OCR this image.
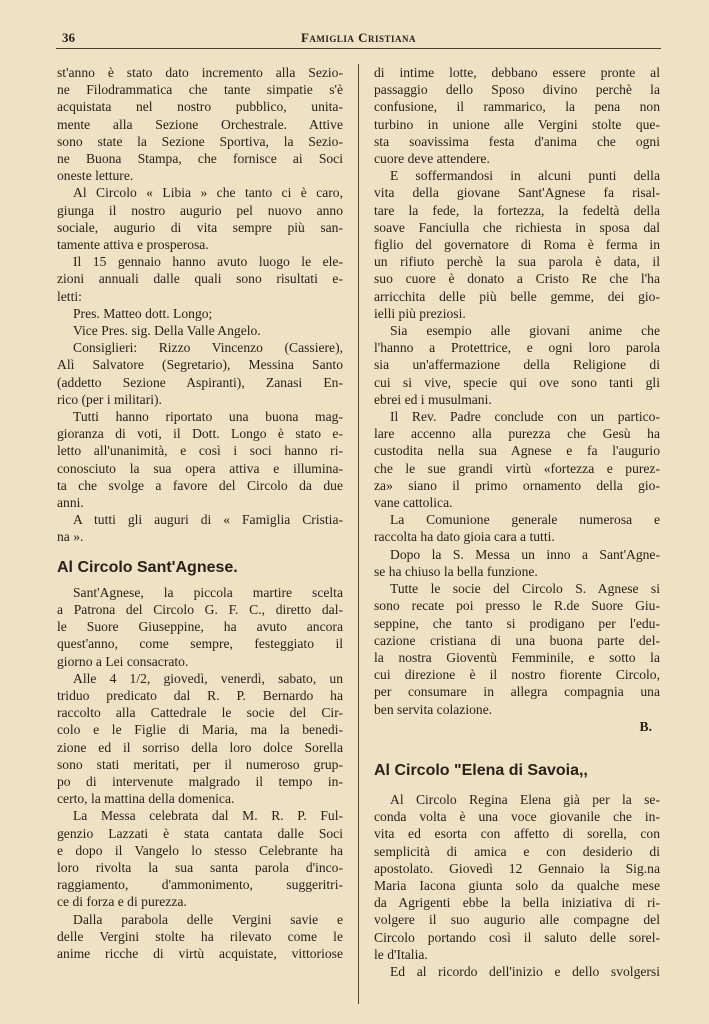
36	Famiglia Cristiana
st'anno è stato dato incremento alla Sezio-
ne Filodrammatica che tante simpatie s'è
acquistata nel nostro pubblico, unita-
mente alla Sezione Orchestrale. Attive
sono state la Sezione Sportiva, la Sezio-
ne Buona Stampa, che fornisce ai Soci
oneste letture.
Al Circolo « Libia » che tanto ci è caro,
giunga il nostro augurio pel nuovo anno
sociale, augurio di vita sempre più san-
tamente attiva e prosperosa.
Il 15 gennaio hanno avuto luogo le ele-
zioni annuali dalle quali sono risultati e-
letti:
Pres. Matteo dott. Longo;
Vice Pres. sig. Della Valle Angelo.
Consiglieri: Rizzo Vincenzo (Cassiere),
Alì Salvatore (Segretario), Messina Santo
(addetto Sezione Aspiranti), Zanasi En-
rico (per i militari).
Tutti hanno riportato una buona mag-
gioranza di voti, il Dott. Longo è stato e-
letto all'unanimità, e così i soci hanno ri-
conosciuto la sua opera attiva e illumina-
ta che svolge a favore del Circolo da due
anni.
A tutti gli auguri di « Famiglia Cristia-
na ».
Al Circolo Sant'Agnese.
Sant'Agnese, la piccola martire scelta
a Patrona del Circolo G. F. C., diretto dal-
le Suore Giuseppine, ha avuto ancora
quest'anno, come sempre, festeggiato il
giorno a Lei consacrato.
Alle 4 1/2, giovedì, venerdì, sabato, un
triduo predicato dal R. P. Bernardo ha
raccolto alla Cattedrale le socie del Cir-
colo e le Figlie di Maria, ma la benedi-
zione ed il sorriso della loro dolce Sorella
sono stati meritati, per il numeroso grup-
po di intervenute malgrado il tempo in-
certo, la mattina della domenica.
La Messa celebrata dal M. R. P. Ful-
genzio Lazzati è stata cantata dalle Soci
e dopo il Vangelo lo stesso Celebrante ha
loro rivolta la sua santa parola d'inco-
raggiamento, d'ammonimento, suggeritri-
ce di forza e di purezza.
Dalla parabola delle Vergini savie e
delle Vergini stolte ha rilevato come le
anime ricche di virtù acquistate, vittoriose
di intime lotte, debbano essere pronte al
passaggio dello Sposo divino perchè la
confusione, il rammarico, la pena non
turbino in unione alle Vergini stolte que-
sta soavissima festa d'anima che ogni
cuore deve attendere.
E soffermandosi in alcuni punti della
vita della giovane Sant'Agnese fa risal-
tare la fede, la fortezza, la fedeltà della
soave Fanciulla che richiesta in sposa dal
figlio del governatore di Roma è ferma in
un rifiuto perchè la sua parola è data, il
suo cuore è donato a Cristo Re che l'ha
arricchita delle più belle gemme, dei gio-
ielli più preziosi.
Sia esempio alle giovani anime che
l'hanno a Protettrice, e ogni loro parola
sia un'affermazione della Religione di
cui si vive, specie qui ove sono tanti gli
ebrei ed i musulmani.
Il Rev. Padre conclude con un partico-
lare accenno alla purezza che Gesù ha
custodita nella sua Agnese e fa l'augurio
che le sue grandi virtù «fortezza e purez-
za» siano il primo ornamento della gio-
vane cattolica.
La Comunione generale numerosa e
raccolta ha dato gioia cara a tutti.
Dopo la S. Messa un inno a Sant'Agne-
se ha chiuso la bella funzione.
Tutte le socie del Circolo S. Agnese si
sono recate poi presso le R.de Suore Giu-
seppine, che tanto si prodigano per l'edu-
cazione cristiana di una buona parte del-
la nostra Gioventù Femminile, e sotto la
cui direzione è il nostro fiorente Circolo,
per consumare in allegra compagnia una
ben servita colazione.
B.
Al Circolo "Elena di Savoia,,
Al Circolo Regina Elena già per la se-
conda volta è una voce giovanile che in-
vita ed esorta con affetto di sorella, con
semplicità di amica e con desiderio di
apostolato. Giovedì 12 Gennaio la Sig.na
Maria Iacona giunta solo da qualche mese
da Agrigenti ebbe la bella iniziativa di ri-
volgere il suo augurio alle compagne del
Circolo portando così il saluto delle sorel-
le d'Italia.
Ed al ricordo dell'inizio e dello svolgersi
